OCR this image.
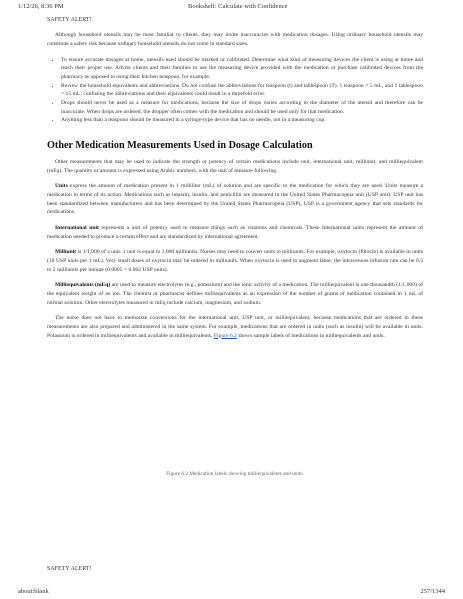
1/12/26, 8:36 PM	Bookshelf: Calculate with Confidence
SAFETY ALERT!

Although household utensils may be most familiar to clients, they may invite inaccuracies with medication dosages. Using ordinary household utensils may constitute a safety risk because ordinary household utensils do not come in standard sizes.

• To ensure accurate dosages at home, utensils used should be marked or calibrated. Determine what kind of measuring devices the client is using at home and teach their proper use. Advise clients and their families to use the measuring device provided with the medication or purchase calibrated devices from the pharmacy as opposed to using their kitchen teaspoon, for example.
• Review the household equivalents and abbreviations. Do not confuse the abbreviations for teaspoon (t) and tablespoon (T). 1 teaspoon = 5 mL, and 1 tablespoon = 15 mL; confusing the abbreviations and their equivalents could result in a threefold error.
• Drops should never be used as a measure for medications, because the size of drops varies according to the diameter of the utensil and therefore can be inaccurate. When drops are ordered, the dropper often comes with the medication and should be used only for that medication.
• Anything less than a teaspoon should be measured in a syringe-type device that has no needle, not in a measuring cup.
Other Medication Measurements Used in Dosage Calculation

Other measurements that may be used to indicate the strength or potency of certain medications include unit, international unit, milliunit, and milliequivalent (mEq). The quantity or amount is expressed using Arabic numbers, with the unit of measure following.

Units express the amount of medication present in 1 milliliter (mL) of solution and are specific to the medication for which they are used. Units measure a medication in terms of its action. Medications such as heparin, insulin, and penicillin are measured in the United States Pharmacopeia unit (USP unit). USP unit has been standardized between manufacturers and has been determined by the United States Pharmacopeia (USP), USP is a government agency that sets standards for medications.

International unit represents a unit of potency used to measure things such as vitamins and chemicals. These International units represent the amount of medication needed to produce a certain effect and are standardized by international agreement.

Milliunit is 1/1,000 of a unit. 1 unit is equal to 1,000 milliunits. Nurses may need to convert units to milliunits. For example, oxytocin (Pitocin) is available in units (10 USP units per 1 mL). Very small doses of oxytocin may be ordered in milliunits. When oxytocin is used to augment labor, the intravenous infusion rate can be 0.5 to 2 milliunits per minute (0.0005 = 0.002 USP units).

Milliequivalents (mEq) are used to measure electrolytes (e.g., potassium) and the ionic activity of a medication. The milliequivalent is one thousandth (1/1,000) of the equivalent weight of an ion. The chemist or pharmacist defines milliequivalents as an expression of the number of grams of medication contained in 1 mL of normal solution. Other electrolytes measured in mEq include calcium, magnesium, and sodium.

The nurse does not have to memorize conversions for the international unit, USP unit, or milliequivalent, because medications that are ordered in these measurements are also prepared and administered in the same system. For example, medications that are ordered in units (such as insulin) will be available in units. Potassium is ordered in milliequivalents and available in milliequivalents. Figure 6.2 shows sample labels of medications in milliequivalents and units.

Figure 6.2 Medication labels showing milliequivalents and units.
SAFETY ALERT!
about:blank	257/1344
